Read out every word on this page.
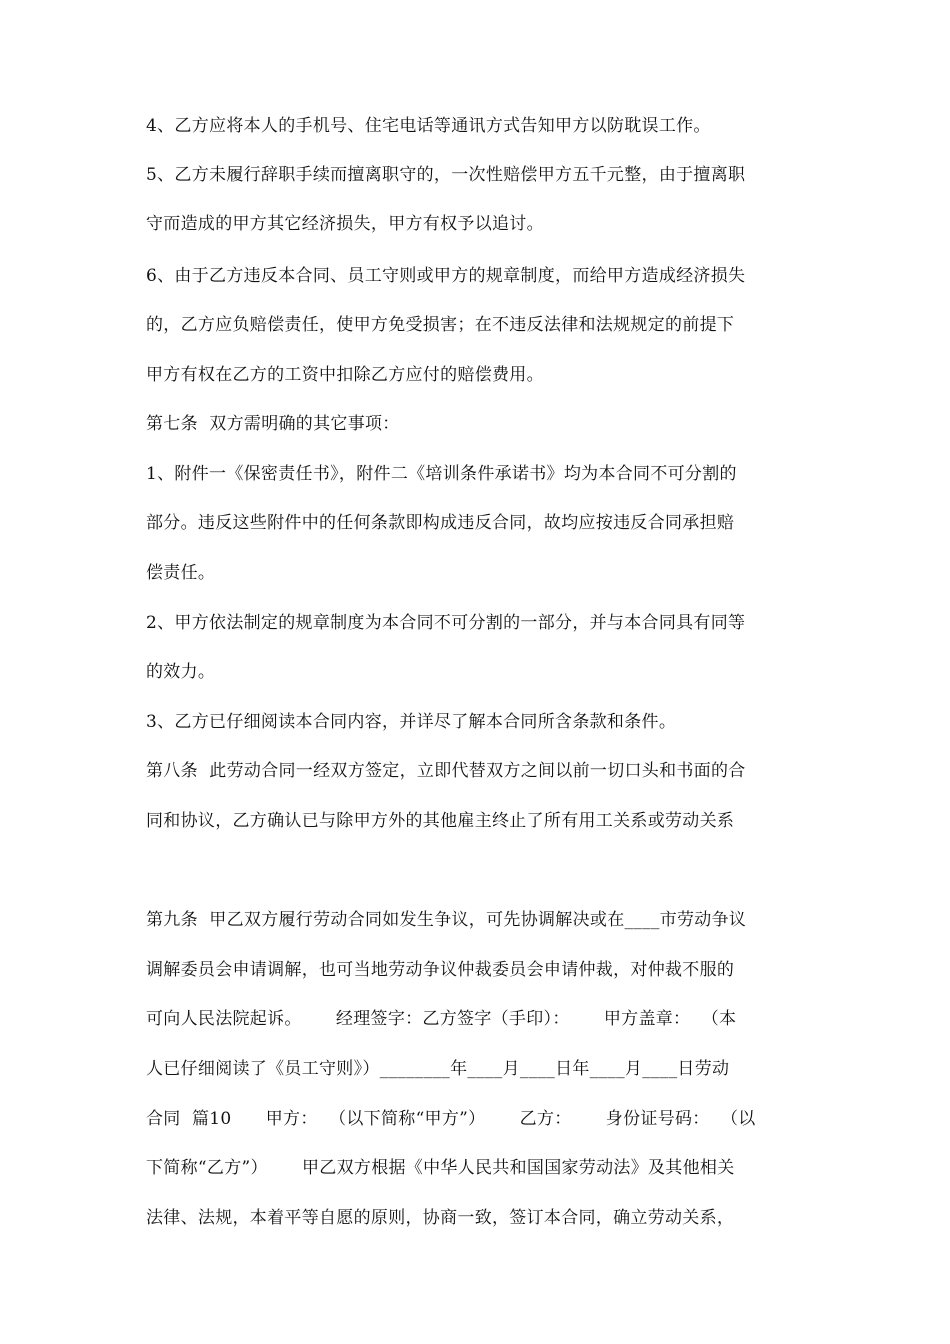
4、乙方应将本人的手机号、住宅电话等通讯方式告知甲方以防耽误工作。
5、乙方未履行辞职手续而擅离职守的，一次性赔偿甲方五千元整，由于擅离职
守而造成的甲方其它经济损失，甲方有权予以追讨。
6、由于乙方违反本合同、员工守则或甲方的规章制度，而给甲方造成经济损失
的，乙方应负赔偿责任，使甲方免受损害；在不违反法律和法规规定的前提下
甲方有权在乙方的工资中扣除乙方应付的赔偿费用。
第七条  双方需明确的其它事项：
1、附件一《保密责任书》，附件二《培训条件承诺书》均为本合同不可分割的
部分。违反这些附件中的任何条款即构成违反合同，故均应按违反合同承担赔
偿责任。
2、甲方依法制定的规章制度为本合同不可分割的一部分，并与本合同具有同等
的效力。
3、乙方已仔细阅读本合同内容，并详尽了解本合同所含条款和条件。
第八条  此劳动合同一经双方签定，立即代替双方之间以前一切口头和书面的合
同和协议，乙方确认已与除甲方外的其他雇主终止了所有用工关系或劳动关系
第九条  甲乙双方履行劳动合同如发生争议，可先协调解决或在____市劳动争议
调解委员会申请调解，也可当地劳动争议仲裁委员会申请仲裁，对仲裁不服的
可向人民法院起诉。      经理签字：乙方签字（手印）：      甲方盖章：  （本
人已仔细阅读了《员工守则》）________年____月____日年____月____日劳动
合同  篇10      甲方：  （以下简称“甲方”）      乙方：      身份证号码：  （以
下简称“乙方”）      甲乙双方根据《中华人民共和国国家劳动法》及其他相关
法律、法规，本着平等自愿的原则，协商一致，签订本合同，确立劳动关系，
